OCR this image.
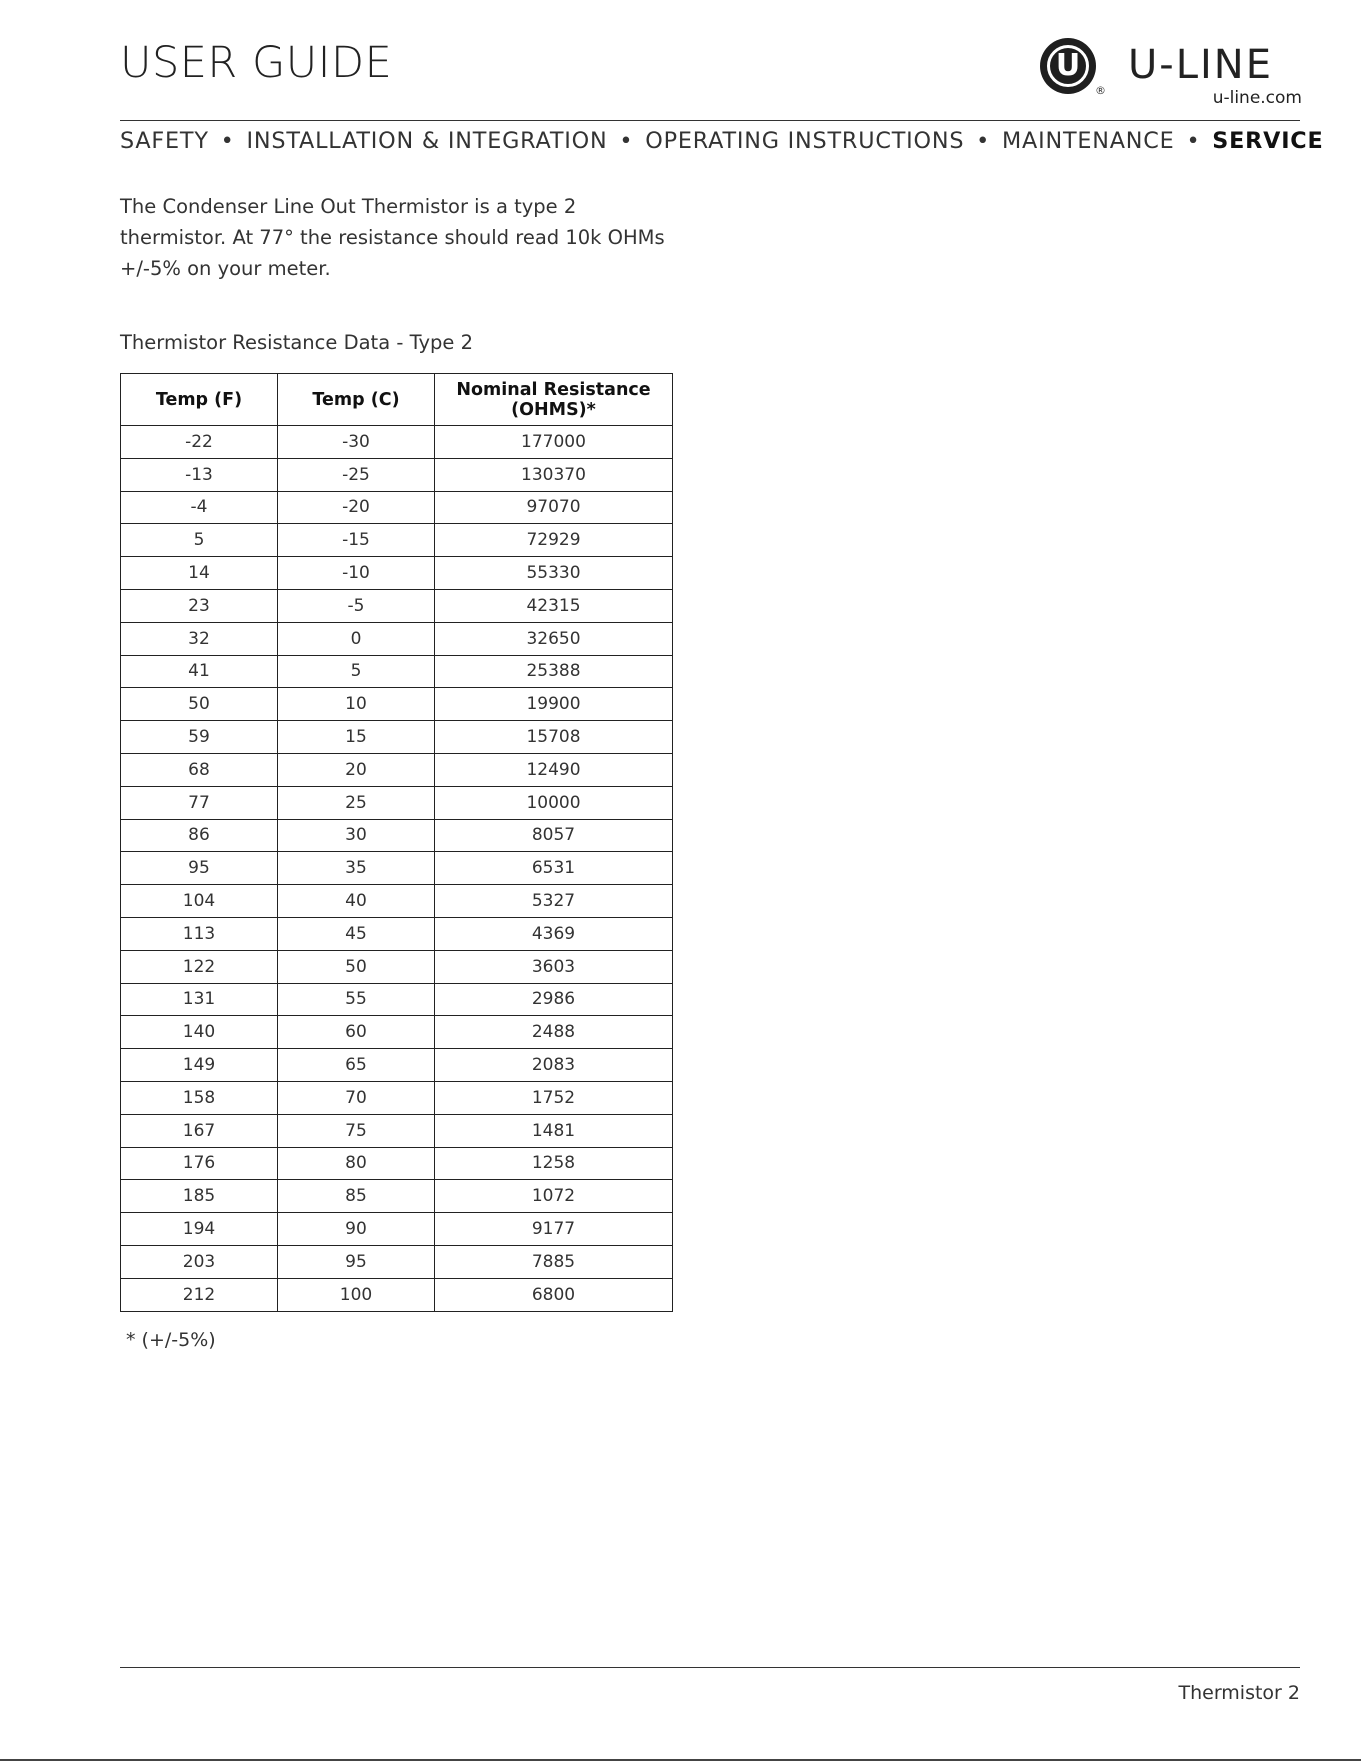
USER GUIDE	U
®
U-LINE
u-line.com
SAFETY • INSTALLATION & INTEGRATION • OPERATING INSTRUCTIONS • MAINTENANCE • SERVICE

The Condenser Line Out Thermistor is a type 2
thermistor. At 77° the resistance should read 10k OHMs
+/-5% on your meter.

Thermistor Resistance Data - Type 2

Temp (F)	Temp (C)	Nominal Resistance
(OHMS)*
-22	-30	177000
-13	-25	130370
-4	-20	97070
5	-15	72929
14	-10	55330
23	-5	42315
32	0	32650
41	5	25388
50	10	19900
59	15	15708
68	20	12490
77	25	10000
86	30	8057
95	35	6531
104	40	5327
113	45	4369
122	50	3603
131	55	2986
140	60	2488
149	65	2083
158	70	1752
167	75	1481
176	80	1258
185	85	1072
194	90	9177
203	95	7885
212	100	6800

* (+/-5%)

Thermistor 2
